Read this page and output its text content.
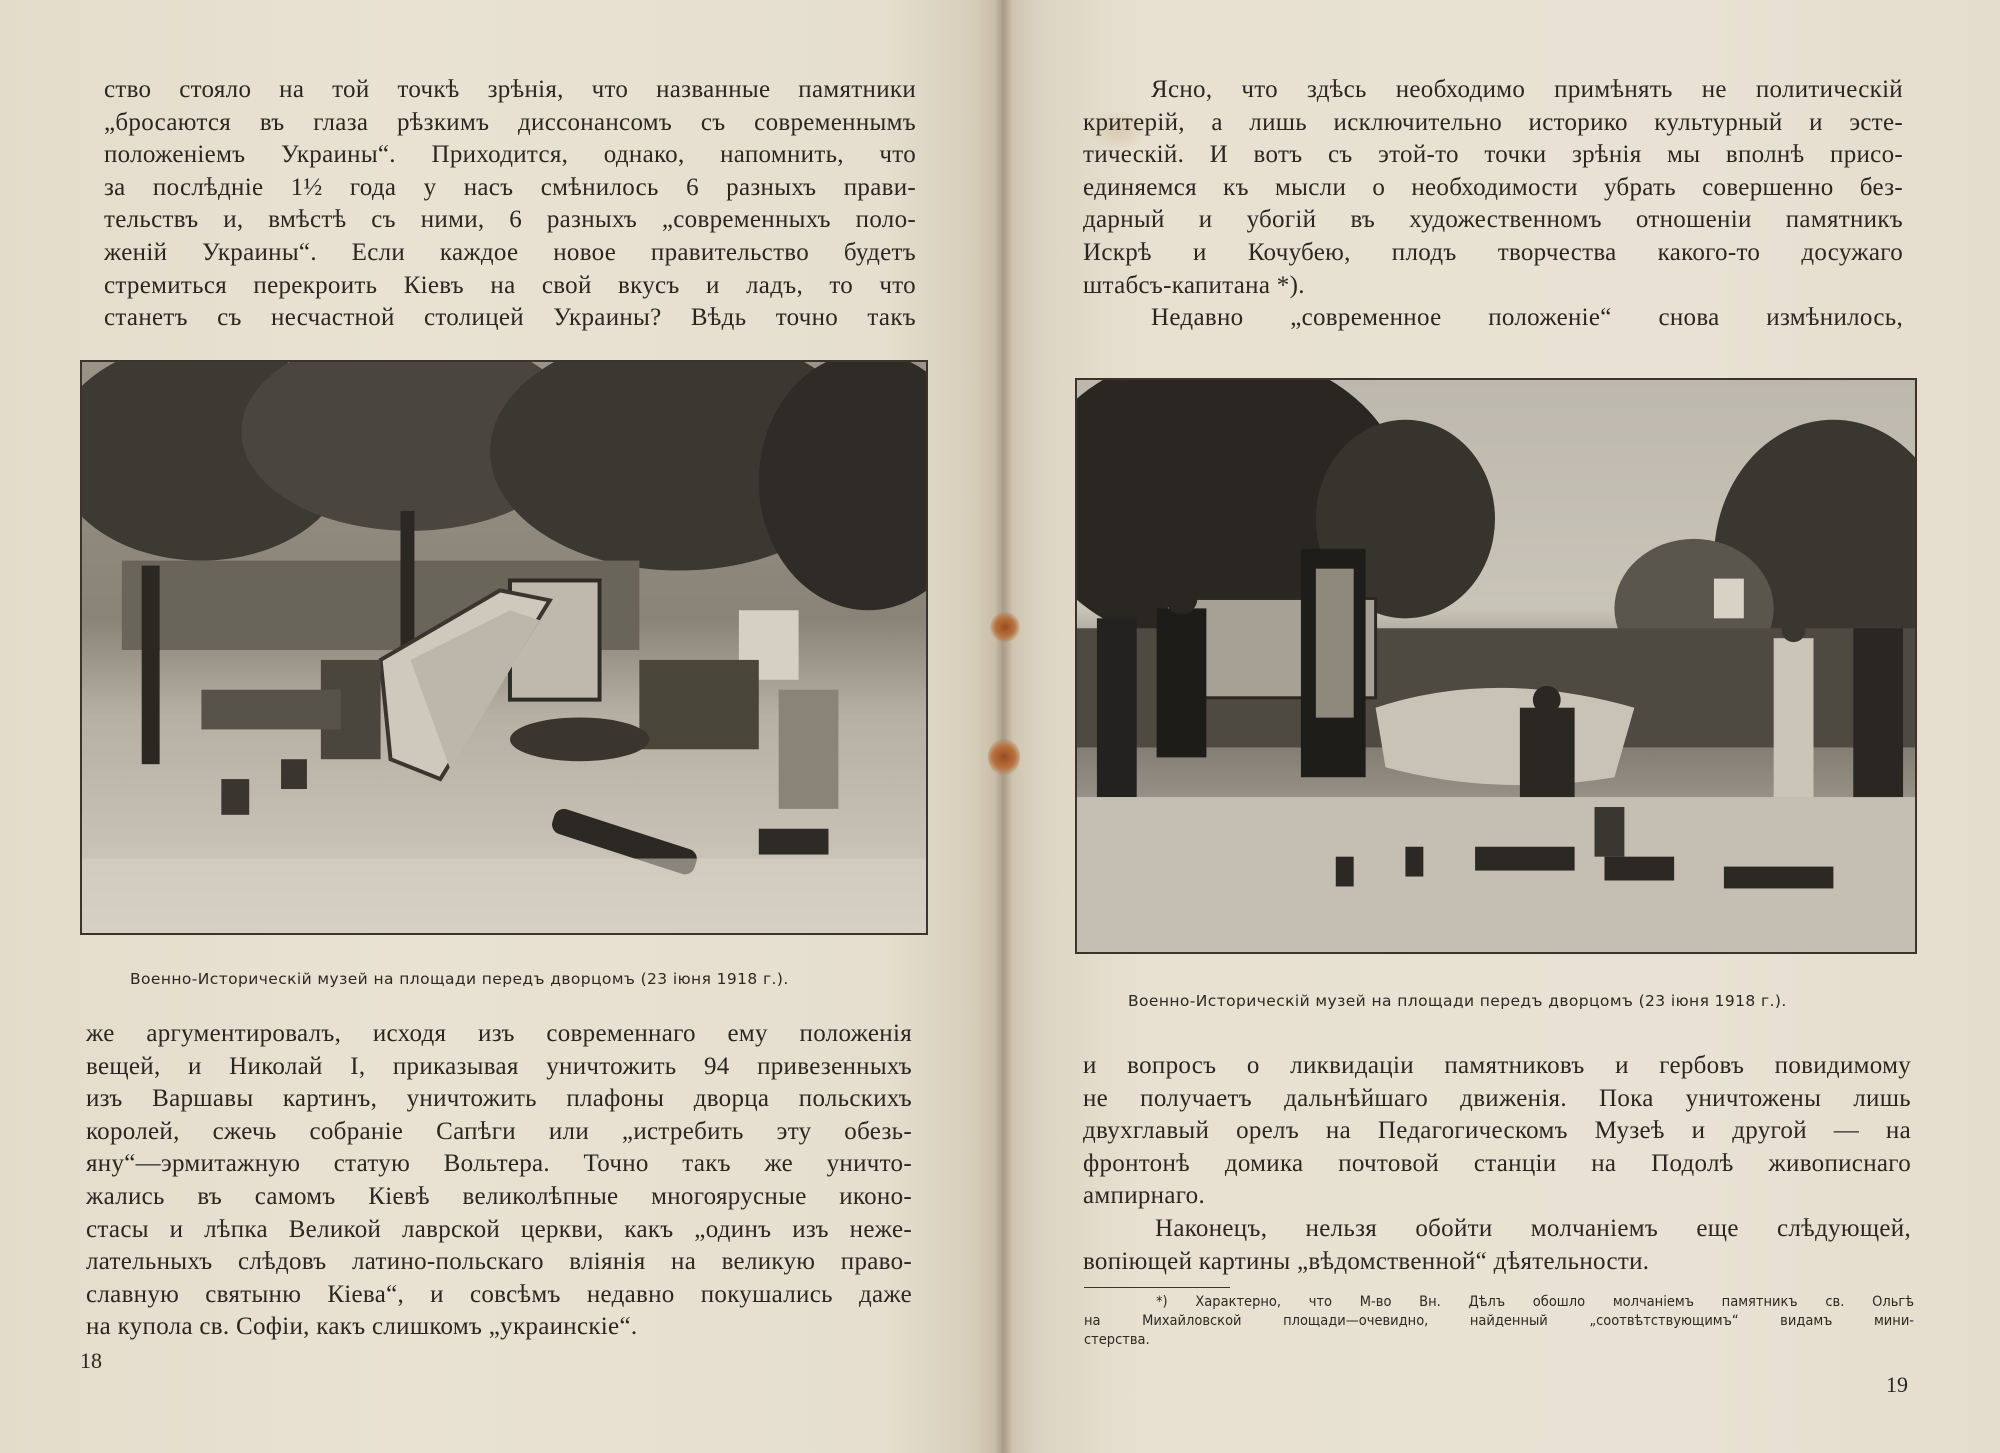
ство стояло на той точкѣ зрѣнія, что названные памятники
„бросаются въ глаза рѣзкимъ диссонансомъ съ современнымъ
положеніемъ Украины“. Приходится, однако, напомнить, что
за послѣдніе 1½ года у насъ смѣнилось 6 разныхъ прави-
тельствъ и, вмѣстѣ съ ними, 6 разныхъ „современныхъ поло-
женій Украины“. Если каждое новое правительство будетъ
стремиться перекроить Кіевъ на свой вкусъ и ладъ, то что
станетъ съ несчастной столицей Украины? Вѣдь точно такъ
Военно-Историческій музей на площади передъ дворцомъ (23 іюня 1918 г.).
же аргументировалъ, исходя изъ современнаго ему положенія
вещей, и Николай I, приказывая уничтожить 94 привезенныхъ
изъ Варшавы картинъ, уничтожить плафоны дворца польскихъ
королей, сжечь собраніе Сапѣги или „истребить эту обезь-
яну“—эрмитажную статую Вольтера. Точно такъ же уничто-
жались въ самомъ Кіевѣ великолѣпные многоярусные иконо-
стасы и лѣпка Великой лаврской церкви, какъ „одинъ изъ неже-
лательныхъ слѣдовъ латино-польскаго вліянія на великую право-
славную святыню Кіева“, и совсѣмъ недавно покушались даже
на купола св. Софіи, какъ слишкомъ „украинскіе“.
18
Ясно, что здѣсь необходимо примѣнять не политическій
критерій, а лишь исключительно историко культурный и эсте-
тическій. И вотъ съ этой-то точки зрѣнія мы вполнѣ присо-
единяемся къ мысли о необходимости убрать совершенно без-
дарный и убогій въ художественномъ отношеніи памятникъ
Искрѣ и Кочубею, плодъ творчества какого-то досужаго
штабсъ-капитана *).
Недавно „современное положеніе“ снова измѣнилось,
Военно-Историческій музей на площади передъ дворцомъ (23 іюня 1918 г.).
и вопросъ о ликвидаціи памятниковъ и гербовъ повидимому
не получаетъ дальнѣйшаго движенія. Пока уничтожены лишь
двухглавый орелъ на Педагогическомъ Музеѣ и другой — на
фронтонѣ домика почтовой станціи на Подолѣ живописнаго
ампирнаго.
Наконецъ, нельзя обойти молчаніемъ еще слѣдующей,
вопіющей картины „вѣдомственной“ дѣятельности.
*) Характерно, что М-во Вн. Дѣлъ обошло молчаніемъ памятникъ св. Ольгѣ
на Михайловской площади—очевидно, найденный „соотвѣтствующимъ“ видамъ мини-
стерства.
19
